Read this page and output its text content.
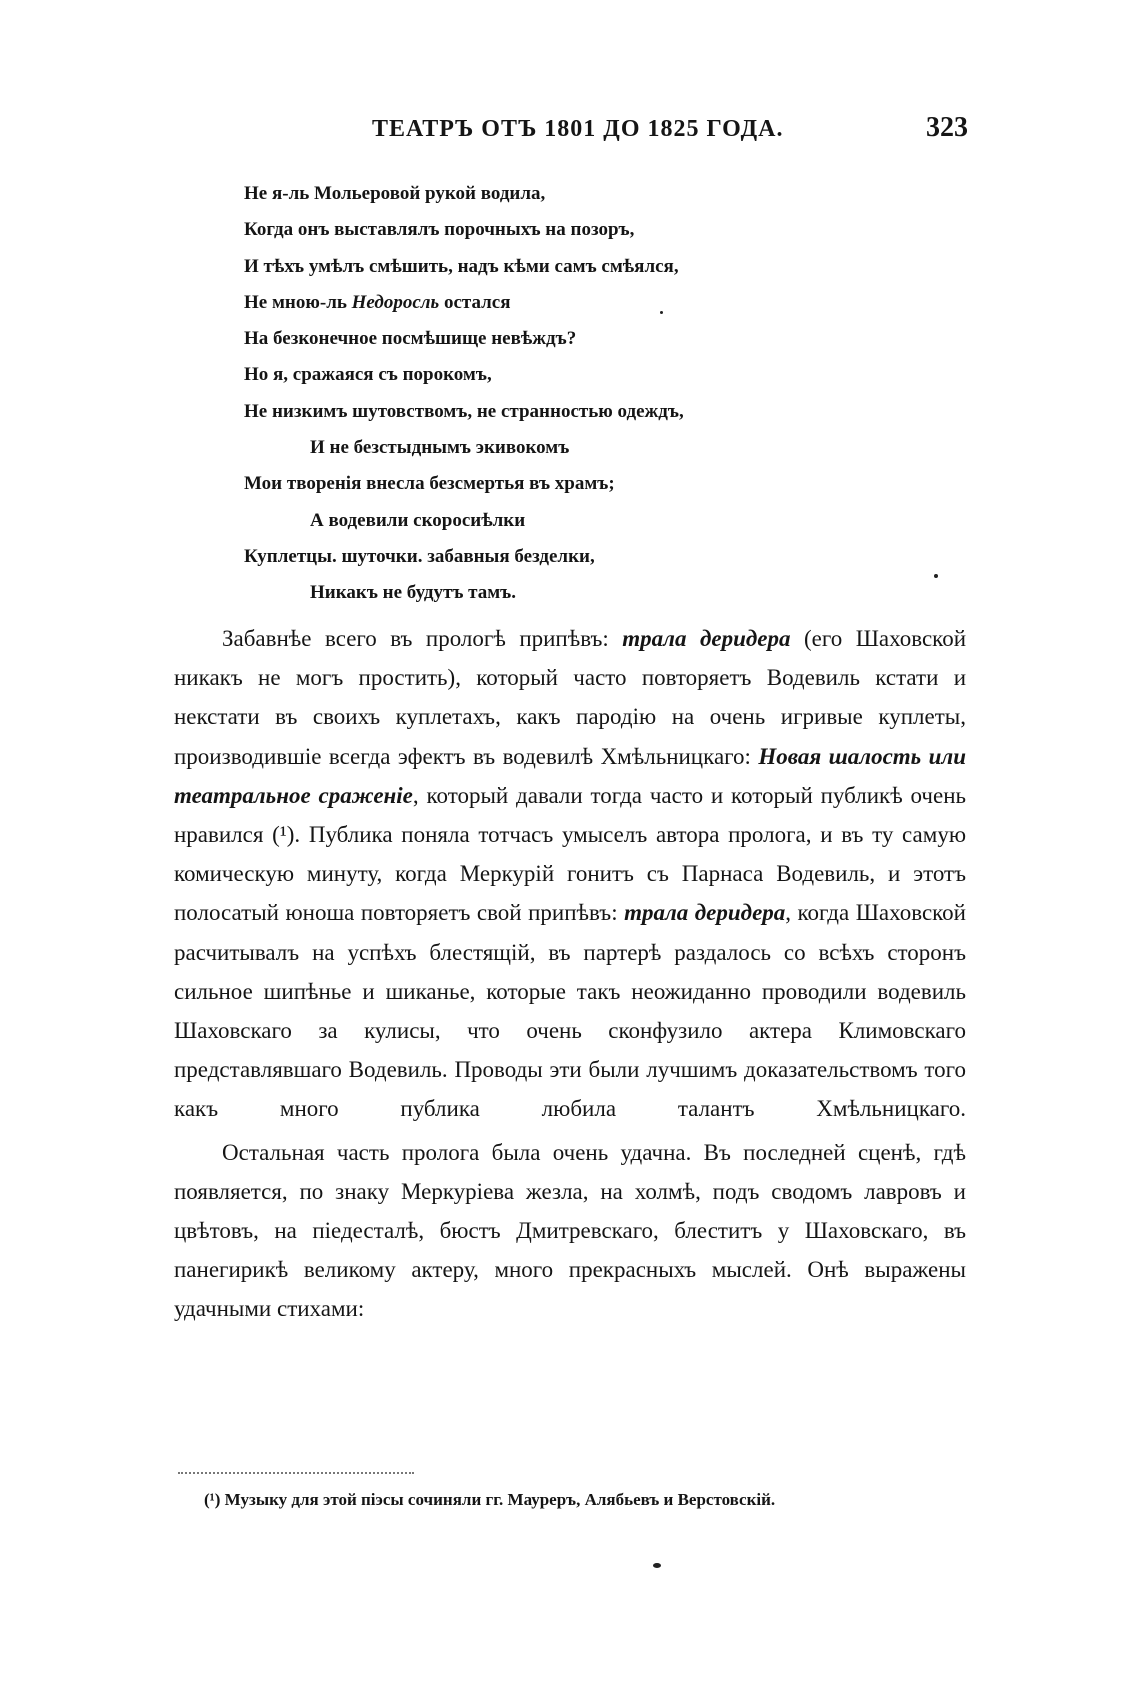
ТЕАТРЪ ОТЪ 1801 ДО 1825 ГОДА.	323
Не я-ль Мольеровой рукой водила,
Когда онъ выставлялъ порочныхъ на позоръ,
И тѣхъ умѣлъ смѣшить, надъ кѣми самъ смѣялся,
Не мною-ль Недоросль остался
На безконечное посмѣшище невѣждъ?
Но я, сражаяся съ порокомъ,
Не низкимъ шутовствомъ, не странностью одеждъ,
И не безстыднымъ экивокомъ
Мои творенія внесла безсмертья въ храмъ;
А водевили скоросиѣлки
Куплетцы. шуточки. забавныя безделки,
Никакъ не будутъ тамъ.

Забавнѣе всего въ прологѣ припѣвъ: трала деридера (его Шаховской никакъ не могъ простить), который часто повторяетъ Водевиль кстати и некстати въ своихъ куплетахъ, какъ пародію на очень игривые куплеты, производившіе всегда эфектъ въ водевилѣ Хмѣльницкаго: Новая шалость или театральное сраженіе, который давали тогда часто и который публикѣ очень нравился (¹). Публика поняла тотчасъ умыселъ автора пролога, и въ ту самую комическую минуту, когда Меркурій гонитъ съ Парнаса Водевиль, и этотъ полосатый юноша повторяетъ свой припѣвъ: трала деридера, когда Шаховской расчитывалъ на успѣхъ блестящій, въ партерѣ раздалось со всѣхъ сторонъ сильное шипѣнье и шиканье, которые такъ неожиданно проводили водевиль Шаховскаго за кулисы, что очень сконфузило актера Климовскаго представлявшаго Водевиль. Проводы эти были лучшимъ доказательствомъ того какъ много публика любила талантъ Хмѣльницкаго.

Остальная часть пролога была очень удачна. Въ последней сценѣ, гдѣ появляется, по знаку Меркуріева жезла, на холмѣ, подъ сводомъ лавровъ и цвѣтовъ, на піедесталѣ, бюстъ Дмитревскаго, блеститъ у Шаховскаго, въ панегирикѣ великому актеру, много прекрасныхъ мыслей. Онѣ выражены удачными стихами:

(¹) Музыку для этой піэсы сочиняли гг. Мауреръ, Алябьевъ и Верстовскій.
